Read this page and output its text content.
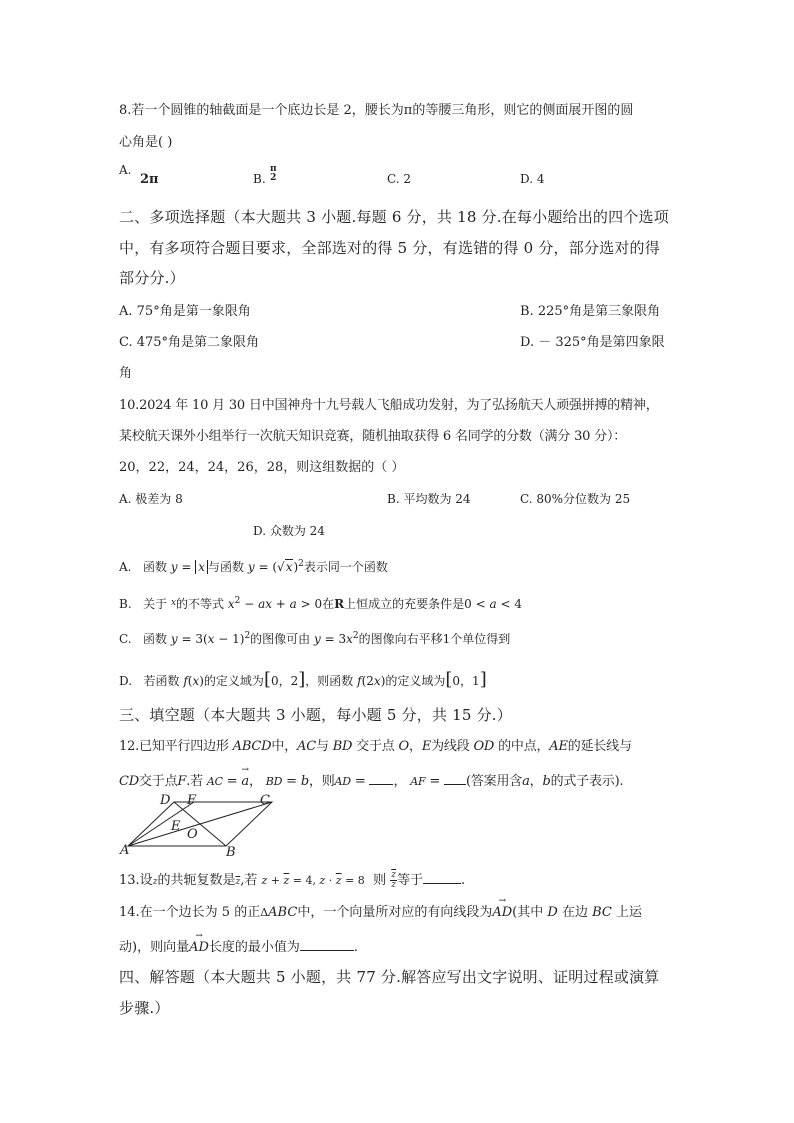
8.若一个圆锥的轴截面是一个底边长是 2，腰长为π的等腰三角形，则它的侧面展开图的圆
心角是( )
A.
2π	B.
π
2	C. 2	D. 4
二、多项选择题（本大题共 3 小题.每题 6 分，共 18 分.在每小题给出的四个选项
中，有多项符合题目要求，全部选对的得 5 分，有选错的得 0 分，部分选对的得
部分分.）
A. 75°角是第一象限角	B. 225°角是第三象限角
C. 475°角是第二象限角	D. － 325°角是第四象限
角
10.2024 年 10 月 30 日中国神舟十九号载人飞船成功发射，为了弘扬航天人顽强拼搏的精神，
某校航天课外小组举行一次航天知识竞赛，随机抽取获得 6 名同学的分数（满分 30 分）：
20，22，24，24，26，28，则这组数据的（ ）
A. 极差为 8	B. 平均数为 24	C. 80%分位数为 25
D. 众数为 24
A. 函数 y = x 与函数 $y = (√x)^2$表示同一个函数
B. 关于 $^x$的不等式 $x^2$ − ax + a > 0在R上恒成立的充要条件是0 < a < 4
C. 函数 $y = 3(x - 1)^2$的图像可由 $y = 3x^2$的图像向右平移1个单位得到
D. 若函数 f(x)的定义域为[0，2]，则函数 f(2x)的定义域为[0，1]
三、填空题（本大题共 3 小题，每小题 5 分，共 15 分.）
12.已知平行四边形 ABCD中，AC与 BD 交于点 O，E为线段 OD 的中点，AE的延长线与
CD交于点F.若 AC = → a， BD = b，则AD = ， AF = (答案用含a，b的式子表示).
D F	C
E
O
A	B
13.设z的共轭复数是$\overline{z}$,若 $z + \overline{z} = 4$, $z \cdot \overline{z} = 8$ 则 $\frac{\overline{z}}{z}$ 等于	.
14.在一个边长为 5 的正ΔABC中，一个向量所对应的有向线段为→ AD(其中 D 在边 BC 上运
动)，则向量→ AD长度的最小值为	.
四、解答题（本大题共 5 小题，共 77 分.解答应写出文字说明、证明过程或演算
步骤.）
